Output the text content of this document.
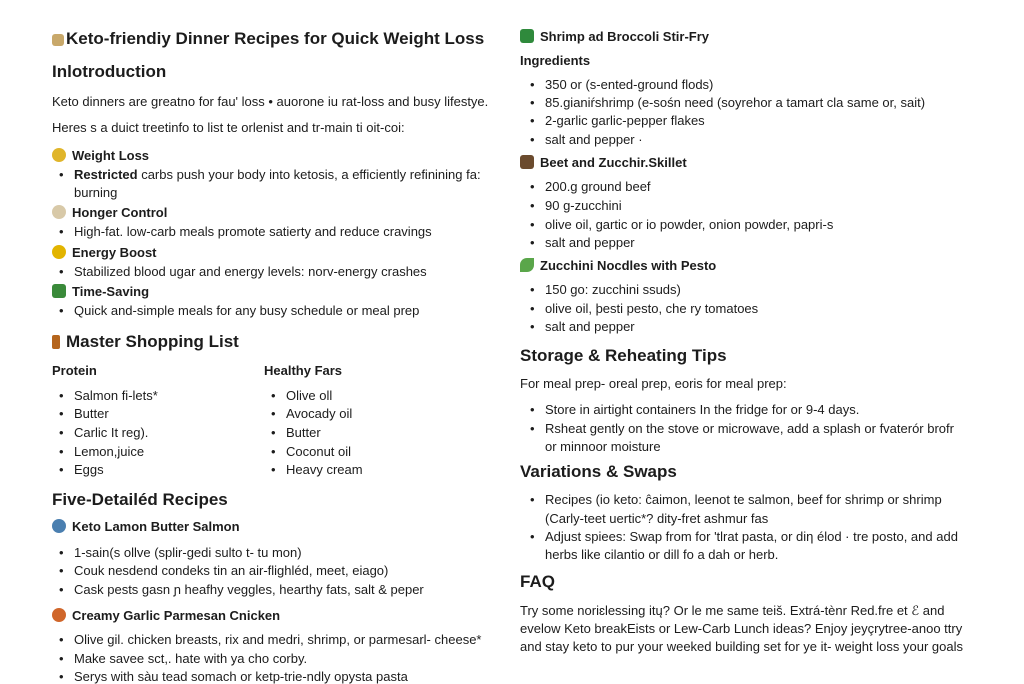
Keto-friendiy Dinner Recipes for Quick Weight Loss
Inlotroduction
Keto dinners are greatno for fau' loss • auorone iu rat-loss and busy lifestye.
Heres s a duict treetinfo to list te orlenist and tr-main ti oit-coi:
Weight Loss
• Restricted carbs push your body into ketosis, a efficiently refinining fa:
burning
Honger Control
• High-fat. low-carb meals promote satierty and reduce cravings
Energy Boost
• Stabilized blood ugar and energy levels: norv-energy crashes
Time-Saving
• Quick and-simple meals for any busy schedule or meal prep
Master Shopping List
Protein
• Salmon fi-lets*
• Butter
• Carlic It reg).
• Lemon,juice
• Eggs
Healthy Fars
• Olive oll
• Avocady oil
• Butter
• Coconut oil
• Heavy cream
Five-Detailéd Recipes
Keto Lamon Butter Salmon
• 1-sain(s ollve (splir-gedi sulto t- tu mon)
• Couk nesdend condeks tin an air-flighléd, meet, eiago)
• Cask pests gasn ɲ heafhy veggles, hearthy fats, salt & peper
Creamy Garlic Parmesan Cnicken
• Olive gil. chicken breasts, rix and medri, shrimp, or parmesarl- cheese*
• Make savee sct,. hate with ya cho corby.
• Serys with sàu tead somach or ketp-trie-ndly opysta pasta
Shrimp ad Broccoli Stir-Fry
Ingredients
• 350 or (s-ented-ground flods)
• 85.gianiŕshrimp (e-sośn need (soyrehor a tamart cla same or, sait)
• 2-garlic garlic-pepper flakes
• salt and pepper ·
Beet and Zucchir.Skillet
• 200.g ground beef
• 90 g-zucchini
• olive oil, gartic or io powder, onion powder, papri-s
• salt and pepper
Zucchini Nocdles with Pesto
• 150 go: zucchini ssuds)
• olive oil, þesti pesto, che ry tomatoes
• salt and pepper
Storage & Reheating Tips
For meal prep- oreal prep, eoris for meal prep:
• Store in airtight containers In the fridge for or 9-4 days.
• Rsheat gently on the stove or microwave, add a splash or fvaterór brofr
or minnoor moisture
Variations & Swaps
• Recipes (io keto: ĉaimon, leenot te salmon, beef for shrimp or shrimp
(Carly-teet uertic*? dity-fret ashmur fas
• Adjust spiees: Swap from for 'tlrat pasta, or diƞ élod · tre posto, and add
herbs like cilantio or dill fo a dah or herb.
FAQ
Try some noriɛlessing itų? Or le me same teiš. Extrá-tènr Red.fre et ℰ and
evelow Keto breakEists or Lew-Carb Lunch ideas? Enjoy jeyçrytree-anoo ttry
and stay keto to pur your weeked building set for ye it- weight loss your goals
